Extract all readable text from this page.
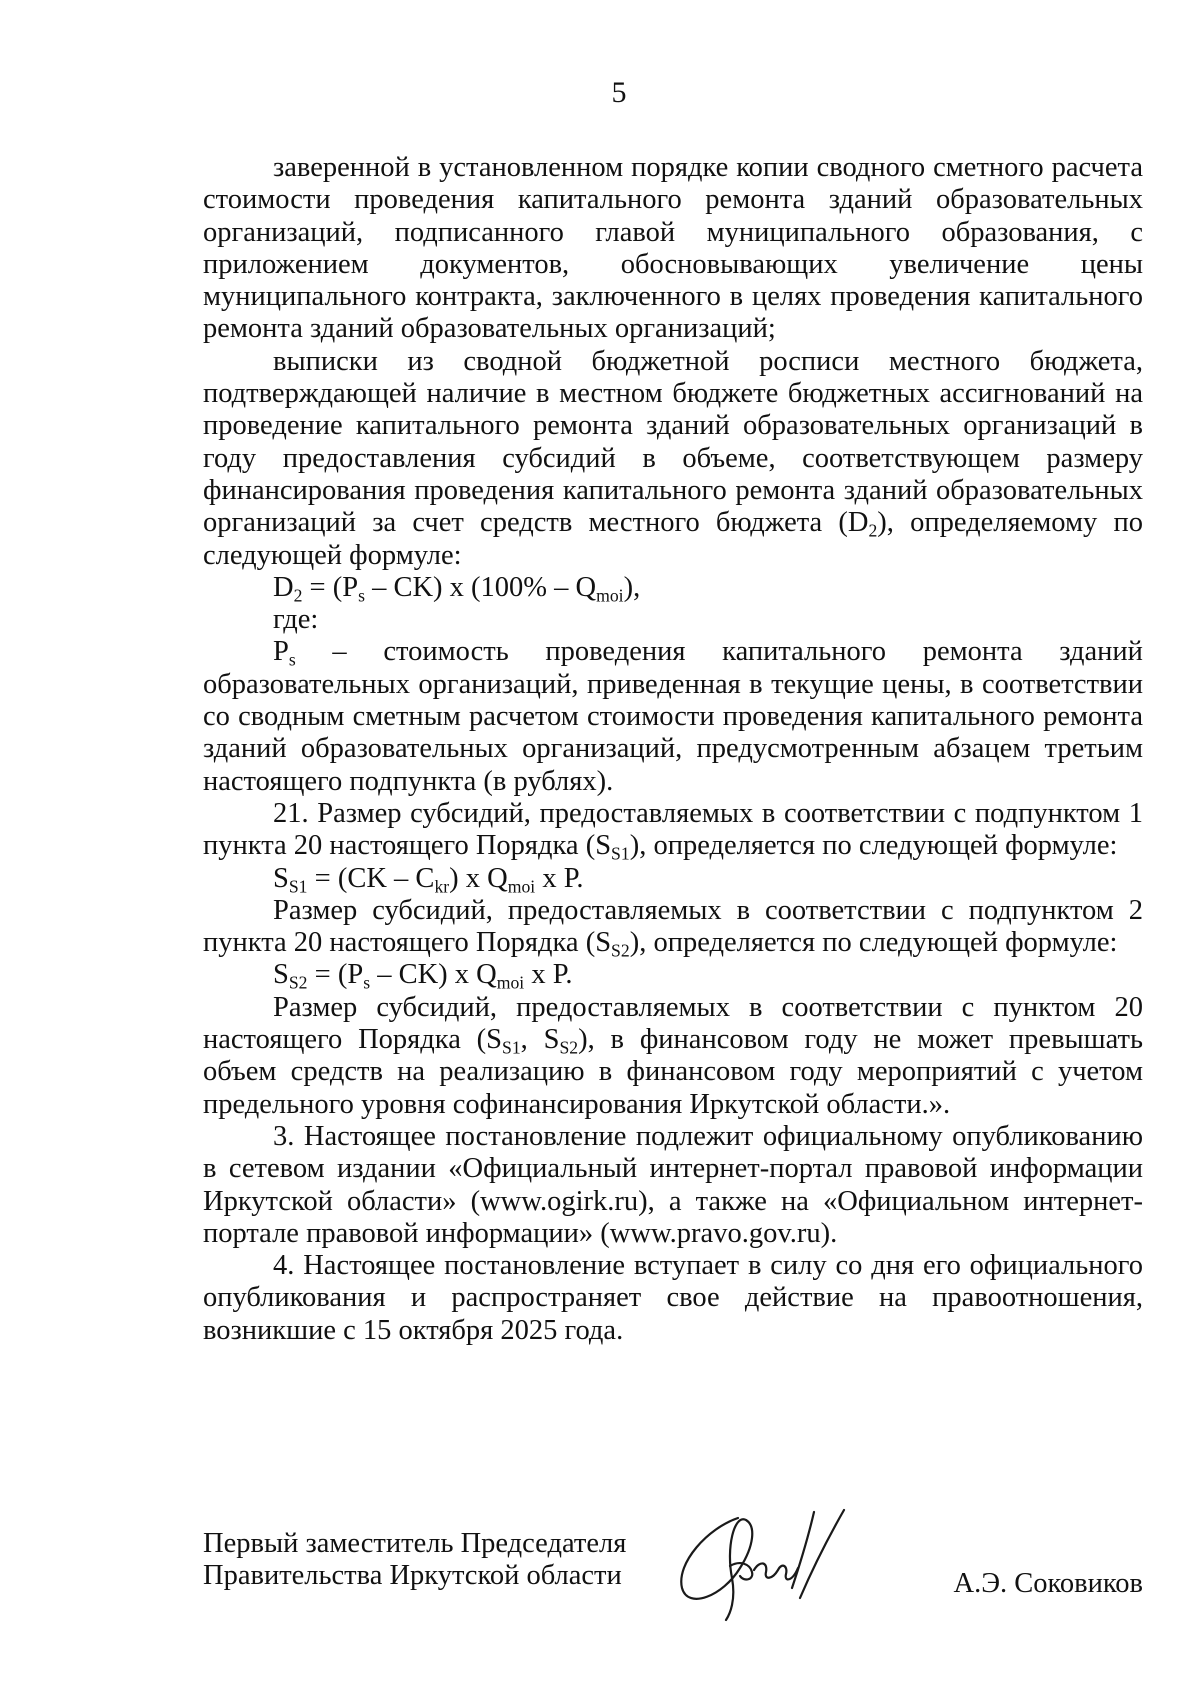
5

заверенной в установленном порядке копии сводного сметного расчета стоимости проведения капитального ремонта зданий образовательных организаций, подписанного главой муниципального образования, с приложением документов, обосновывающих увеличение цены муниципального контракта, заключенного в целях проведения капитального ремонта зданий образовательных организаций;

выписки из сводной бюджетной росписи местного бюджета, подтверждающей наличие в местном бюджете бюджетных ассигнований на проведение капитального ремонта зданий образовательных организаций в году предоставления субсидий в объеме, соответствующем размеру финансирования проведения капитального ремонта зданий образовательных организаций за счет средств местного бюджета $(D_2)$, определяемому по следующей формуле:

$D_2 = (P_s - CK)$ x $(100\% - Q_{moi})$,

где:

$P_s$ – стоимость проведения капитального ремонта зданий

образовательных организаций, приведенная в текущие цены, в соответствии со сводным сметным расчетом стоимости проведения капитального ремонта зданий образовательных организаций, предусмотренным абзацем третьим настоящего подпункта (в рублях).

21. Размер субсидий, предоставляемых в соответствии с подпунктом 1 пункта 20 настоящего Порядка $(S_{S1})$, определяется по следующей формуле:

$S_{S1} = (CK - C_{kr})$ x $Q_{moi}$ x P.

Размер субсидий, предоставляемых в соответствии с подпунктом 2 пункта 20 настоящего Порядка $(S_{S2})$, определяется по следующей формуле:

$S_{S2} = (P_s - CK)$ x $Q_{moi}$ x P.

Размер субсидий, предоставляемых в соответствии с пунктом 20 настоящего Порядка ($S_{S1}$, $S_{S2}$), в финансовом году не может превышать объем средств на реализацию в финансовом году мероприятий с учетом предельного уровня софинансирования Иркутской области.».

3. Настоящее постановление подлежит официальному опубликованию в сетевом издании «Официальный интернет-портал правовой информации Иркутской области» (www.ogirk.ru), а также на «Официальном интернет-портале правовой информации» (www.pravo.gov.ru).

4. Настоящее постановление вступает в силу со дня его официального опубликования и распространяет свое действие на правоотношения, возникшие с 15 октября 2025 года.

Первый заместитель Председателя
Правительства Иркутской области	А.Э. Соковиков
